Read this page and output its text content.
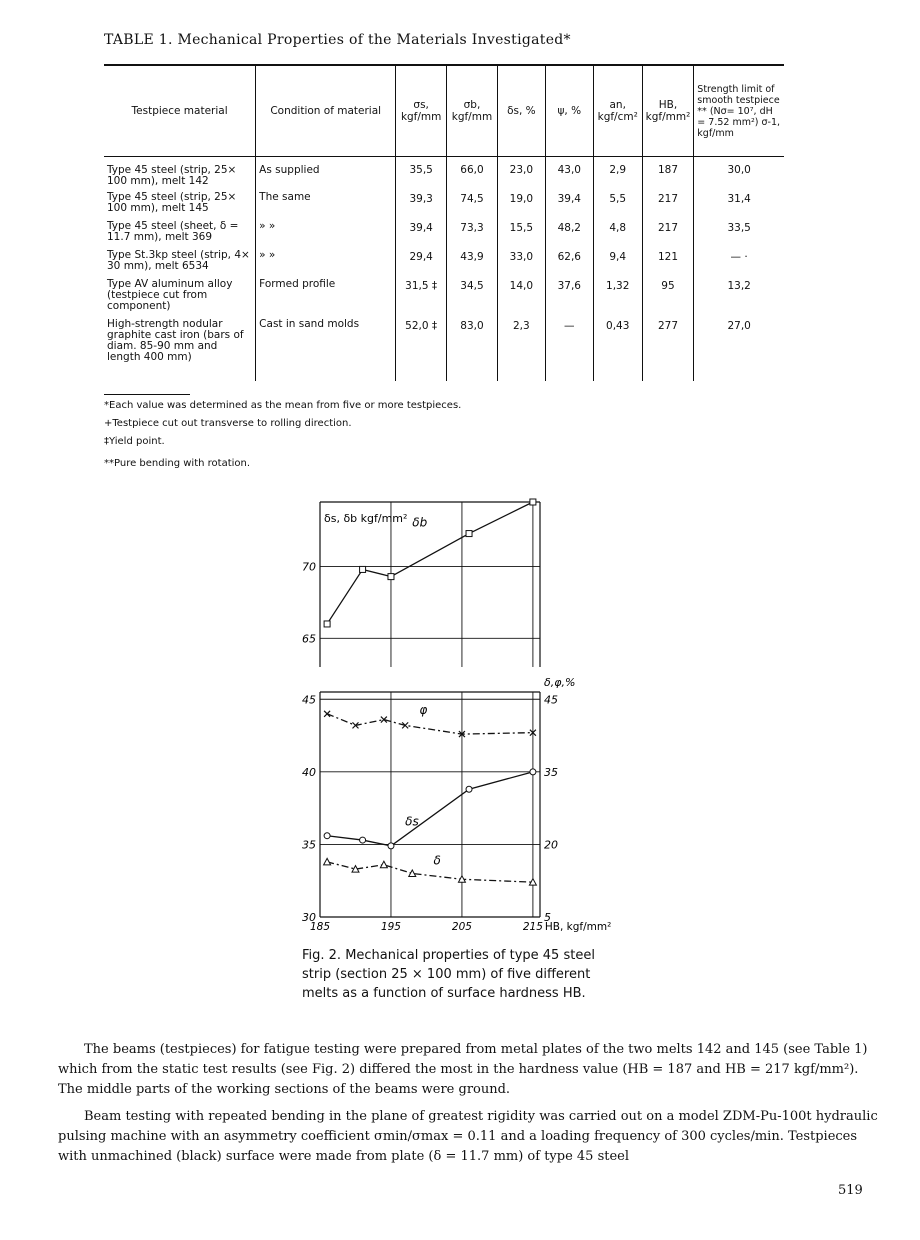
TABLE 1. Mechanical Properties of the Materials Investigated*
Testpiece material	Condition of material	σs, kgf/mm	σb, kgf/mm	δs, %	ψ, %	an, kgf/cm²	HB, kgf/mm²	Strength limit of smooth testpiece ** (Nσ= 10⁷, dH = 7.52 mm²) σ-1, kgf/mm
Type 45 steel (strip, 25× 100 mm), melt 142	As supplied	35,5	66,0	23,0	43,0	2,9	187	30,0
Type 45 steel (strip, 25× 100 mm), melt 145	The same	39,3	74,5	19,0	39,4	5,5	217	31,4
Type 45 steel (sheet, δ = 11.7 mm), melt 369	» »	39,4	73,3	15,5	48,2	4,8	217	33,5
Type St.3kp steel (strip, 4× 30 mm), melt 6534	» »	29,4	43,9	33,0	62,6	9,4	121	— ·
Type AV aluminum alloy (testpiece cut from component)	Formed profile	31,5 ‡	34,5	14,0	37,6	1,32	95	13,2
High-strength nodular graphite cast iron (bars of diam. 85-90 mm and length 400 mm)	Cast in sand molds	52,0 ‡	83,0	2,3	—	0,43	277	27,0
*Each value was determined as the mean from five or more testpieces.
+Testpiece cut out transverse to rolling direction.
‡Yield point.
**Pure bending with rotation.
70
65
45	45
40	35
35	20
30	5
185	195	205	215 HB, kgf/mm²
δs, δb kgf/mm²
δ,φ,%
δb
φ
δs
δ
Fig. 2. Mechanical properties of type 45 steel strip (section 25 × 100 mm) of five different melts as a function of surface hardness HB.
The beams (testpieces) for fatigue testing were prepared from metal plates of the two melts 142 and 145 (see Table 1) which from the static test results (see Fig. 2) differed the most in the hardness value (HB = 187 and HB = 217 kgf/mm²). The middle parts of the working sections of the beams were ground.
Beam testing with repeated bending in the plane of greatest rigidity was carried out on a model ZDM-Pu-100t hydraulic pulsing machine with an asymmetry coefficient σmin/σmax = 0.11 and a loading frequency of 300 cycles/min. Testpieces with unmachined (black) surface were made from plate (δ = 11.7 mm) of type 45 steel
519
